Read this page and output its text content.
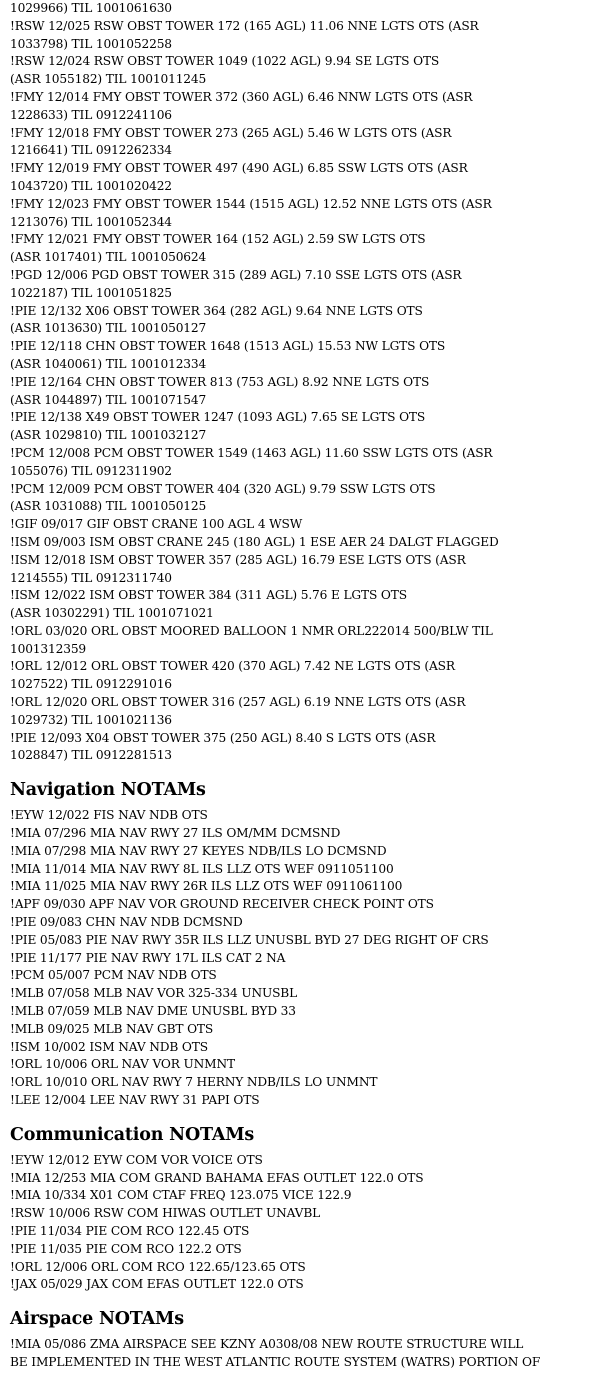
1029966) TIL 1001061630
!RSW 12/025 RSW OBST TOWER 172 (165 AGL) 11.06 NNE LGTS OTS (ASR
1033798) TIL 1001052258
!RSW 12/024 RSW OBST TOWER 1049 (1022 AGL) 9.94 SE LGTS OTS
(ASR 1055182) TIL 1001011245
!FMY 12/014 FMY OBST TOWER 372 (360 AGL) 6.46 NNW LGTS OTS (ASR
1228633) TIL 0912241106
!FMY 12/018 FMY OBST TOWER 273 (265 AGL) 5.46 W LGTS OTS (ASR
1216641) TIL 0912262334
!FMY 12/019 FMY OBST TOWER 497 (490 AGL) 6.85 SSW LGTS OTS (ASR
1043720) TIL 1001020422
!FMY 12/023 FMY OBST TOWER 1544 (1515 AGL) 12.52 NNE LGTS OTS (ASR
1213076) TIL 1001052344
!FMY 12/021 FMY OBST TOWER 164 (152 AGL) 2.59 SW LGTS OTS
(ASR 1017401) TIL 1001050624
!PGD 12/006 PGD OBST TOWER 315 (289 AGL) 7.10 SSE LGTS OTS (ASR
1022187) TIL 1001051825
!PIE 12/132 X06 OBST TOWER 364 (282 AGL) 9.64 NNE LGTS OTS
(ASR 1013630) TIL 1001050127
!PIE 12/118 CHN OBST TOWER 1648 (1513 AGL) 15.53 NW LGTS OTS
(ASR 1040061) TIL 1001012334
!PIE 12/164 CHN OBST TOWER 813 (753 AGL) 8.92 NNE LGTS OTS
(ASR 1044897) TIL 1001071547
!PIE 12/138 X49 OBST TOWER 1247 (1093 AGL) 7.65 SE LGTS OTS
(ASR 1029810) TIL 1001032127
!PCM 12/008 PCM OBST TOWER 1549 (1463 AGL) 11.60 SSW LGTS OTS (ASR
1055076) TIL 0912311902
!PCM 12/009 PCM OBST TOWER 404 (320 AGL) 9.79 SSW LGTS OTS
(ASR 1031088) TIL 1001050125
!GIF 09/017 GIF OBST CRANE 100 AGL 4 WSW
!ISM 09/003 ISM OBST CRANE 245 (180 AGL) 1 ESE AER 24 DALGT FLAGGED
!ISM 12/018 ISM OBST TOWER 357 (285 AGL) 16.79 ESE LGTS OTS (ASR
1214555) TIL 0912311740
!ISM 12/022 ISM OBST TOWER 384 (311 AGL) 5.76 E LGTS OTS
(ASR 10302291) TIL 1001071021
!ORL 03/020 ORL OBST MOORED BALLOON 1 NMR ORL222014 500/BLW TIL
1001312359
!ORL 12/012 ORL OBST TOWER 420 (370 AGL) 7.42 NE LGTS OTS (ASR
1027522) TIL 0912291016
!ORL 12/020 ORL OBST TOWER 316 (257 AGL) 6.19 NNE LGTS OTS (ASR
1029732) TIL 1001021136
!PIE 12/093 X04 OBST TOWER 375 (250 AGL) 8.40 S LGTS OTS (ASR
1028847) TIL 0912281513
Navigation NOTAMs
!EYW 12/022 FIS NAV NDB OTS
!MIA 07/296 MIA NAV RWY 27 ILS OM/MM DCMSND
!MIA 07/298 MIA NAV RWY 27 KEYES NDB/ILS LO DCMSND
!MIA 11/014 MIA NAV RWY 8L ILS LLZ OTS WEF 0911051100
!MIA 11/025 MIA NAV RWY 26R ILS LLZ OTS WEF 0911061100
!APF 09/030 APF NAV VOR GROUND RECEIVER CHECK POINT OTS
!PIE 09/083 CHN NAV NDB DCMSND
!PIE 05/083 PIE NAV RWY 35R ILS LLZ UNUSBL BYD 27 DEG RIGHT OF CRS
!PIE 11/177 PIE NAV RWY 17L ILS CAT 2 NA
!PCM 05/007 PCM NAV NDB OTS
!MLB 07/058 MLB NAV VOR 325-334 UNUSBL
!MLB 07/059 MLB NAV DME UNUSBL BYD 33
!MLB 09/025 MLB NAV GBT OTS
!ISM 10/002 ISM NAV NDB OTS
!ORL 10/006 ORL NAV VOR UNMNT
!ORL 10/010 ORL NAV RWY 7 HERNY NDB/ILS LO UNMNT
!LEE 12/004 LEE NAV RWY 31 PAPI OTS
Communication NOTAMs
!EYW 12/012 EYW COM VOR VOICE OTS
!MIA 12/253 MIA COM GRAND BAHAMA EFAS OUTLET 122.0 OTS
!MIA 10/334 X01 COM CTAF FREQ 123.075 VICE 122.9
!RSW 10/006 RSW COM HIWAS OUTLET UNAVBL
!PIE 11/034 PIE COM RCO 122.45 OTS
!PIE 11/035 PIE COM RCO 122.2 OTS
!ORL 12/006 ORL COM RCO 122.65/123.65 OTS
!JAX 05/029 JAX COM EFAS OUTLET 122.0 OTS
Airspace NOTAMs
!MIA 05/086 ZMA AIRSPACE SEE KZNY A0308/08 NEW ROUTE STRUCTURE WILL
BE IMPLEMENTED IN THE WEST ATLANTIC ROUTE SYSTEM (WATRS) PORTION OF
